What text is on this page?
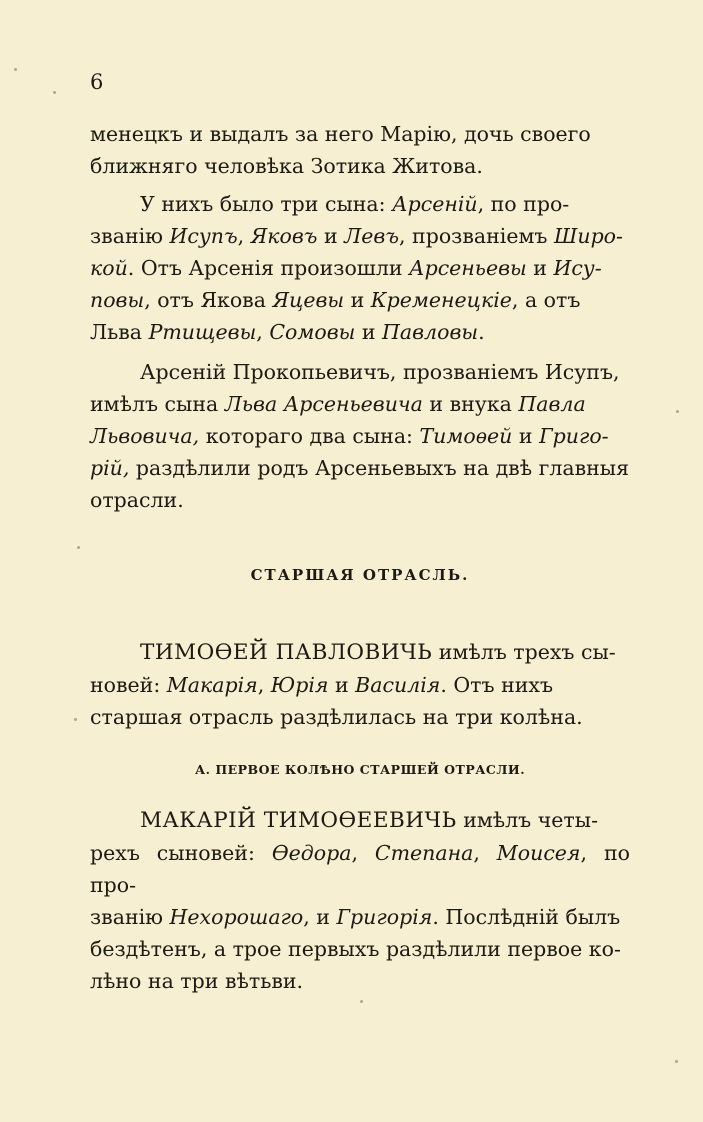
6

менецкъ и выдалъ за него Марію, дочь своего
ближняго человѣка Зотика Житова.

У нихъ было три сына: Арсеній, по про-
званію Исупъ, Яковъ и Левъ, прозваніемъ Широ-
кой. Отъ Арсенія произошли Арсеньевы и Ису-
повы, отъ Якова Яцевы и Кременецкіе, а отъ
Льва Ртищевы, Сомовы и Павловы.

Арсеній Прокопьевичъ, прозваніемъ Исупъ,
имѣлъ сына Льва Арсеньевича и внука Павла
Львовича, котораго два сына: Тимоѳей и Григо-
рій, раздѣлили родъ Арсеньевыхъ на двѣ главныя
отрасли.

СТАРШАЯ ОТРАСЛЬ.

ТИМОѲЕЙ ПАВЛОВИЧЬ имѣлъ трехъ сы-
новей: Макарія, Юрія и Василія. Отъ нихъ
старшая отрасль раздѣлилась на три колѣна.

А. ПЕРВОЕ КОЛѢНО СТАРШЕЙ ОТРАСЛИ.

МАКАРІЙ ТИМОѲЕЕВИЧЬ имѣлъ четы-
рехъ сыновей: Ѳедора, Степана, Моисея, по про-
званію Нехорошаго, и Григорія. Послѣдній былъ
бездѣтенъ, а трое первыхъ раздѣлили первое ко-
лѣно на три вѣтьви.
